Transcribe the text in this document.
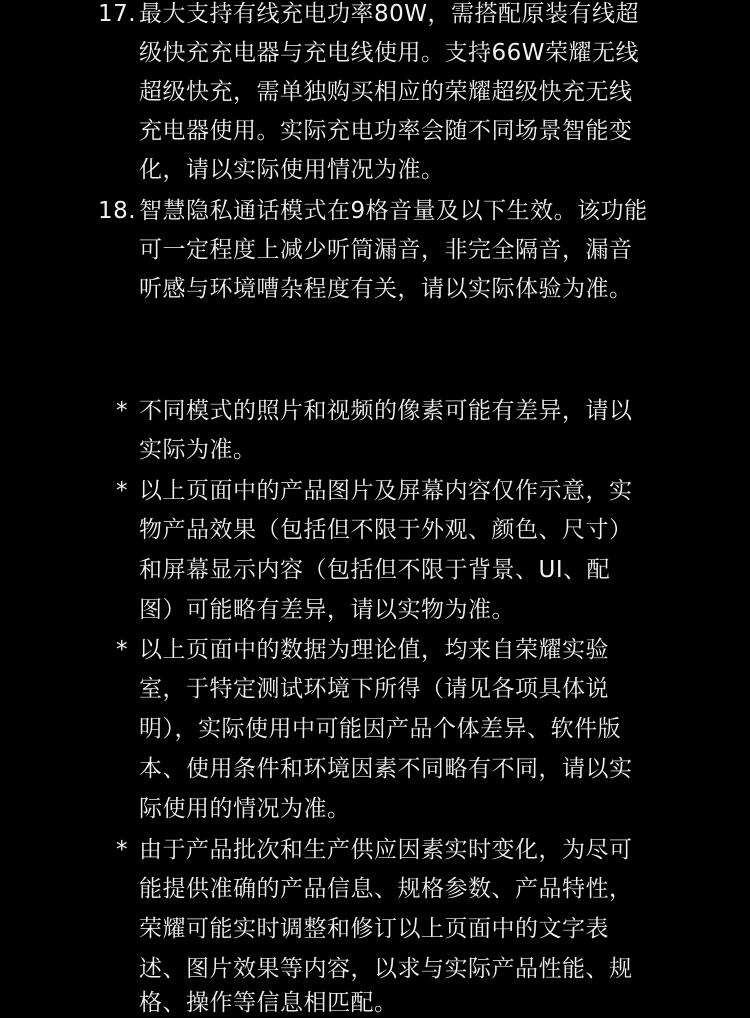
17. 最大支持有线充电功率80W，需搭配原装有线超
级快充充电器与充电线使用。支持66W荣耀无线
超级快充，需单独购买相应的荣耀超级快充无线
充电器使用。实际充电功率会随不同场景智能变
化，请以实际使用情况为准。
18. 智慧隐私通话模式在9格音量及以下生效。该功能
可一定程度上减少听筒漏音，非完全隔音，漏音
听感与环境嘈杂程度有关，请以实际体验为准。
* 不同模式的照片和视频的像素可能有差异，请以
实际为准。
* 以上页面中的产品图片及屏幕内容仅作示意，实
物产品效果（包括但不限于外观、颜色、尺寸）
和屏幕显示内容（包括但不限于背景、UI、配
图）可能略有差异，请以实物为准。
* 以上页面中的数据为理论值，均来自荣耀实验
室，于特定测试环境下所得（请见各项具体说
明），实际使用中可能因产品个体差异、软件版
本、使用条件和环境因素不同略有不同，请以实
际使用的情况为准。
* 由于产品批次和生产供应因素实时变化，为尽可
能提供准确的产品信息、规格参数、产品特性，
荣耀可能实时调整和修订以上页面中的文字表
述、图片效果等内容，以求与实际产品性能、规
格、操作等信息相匹配。
